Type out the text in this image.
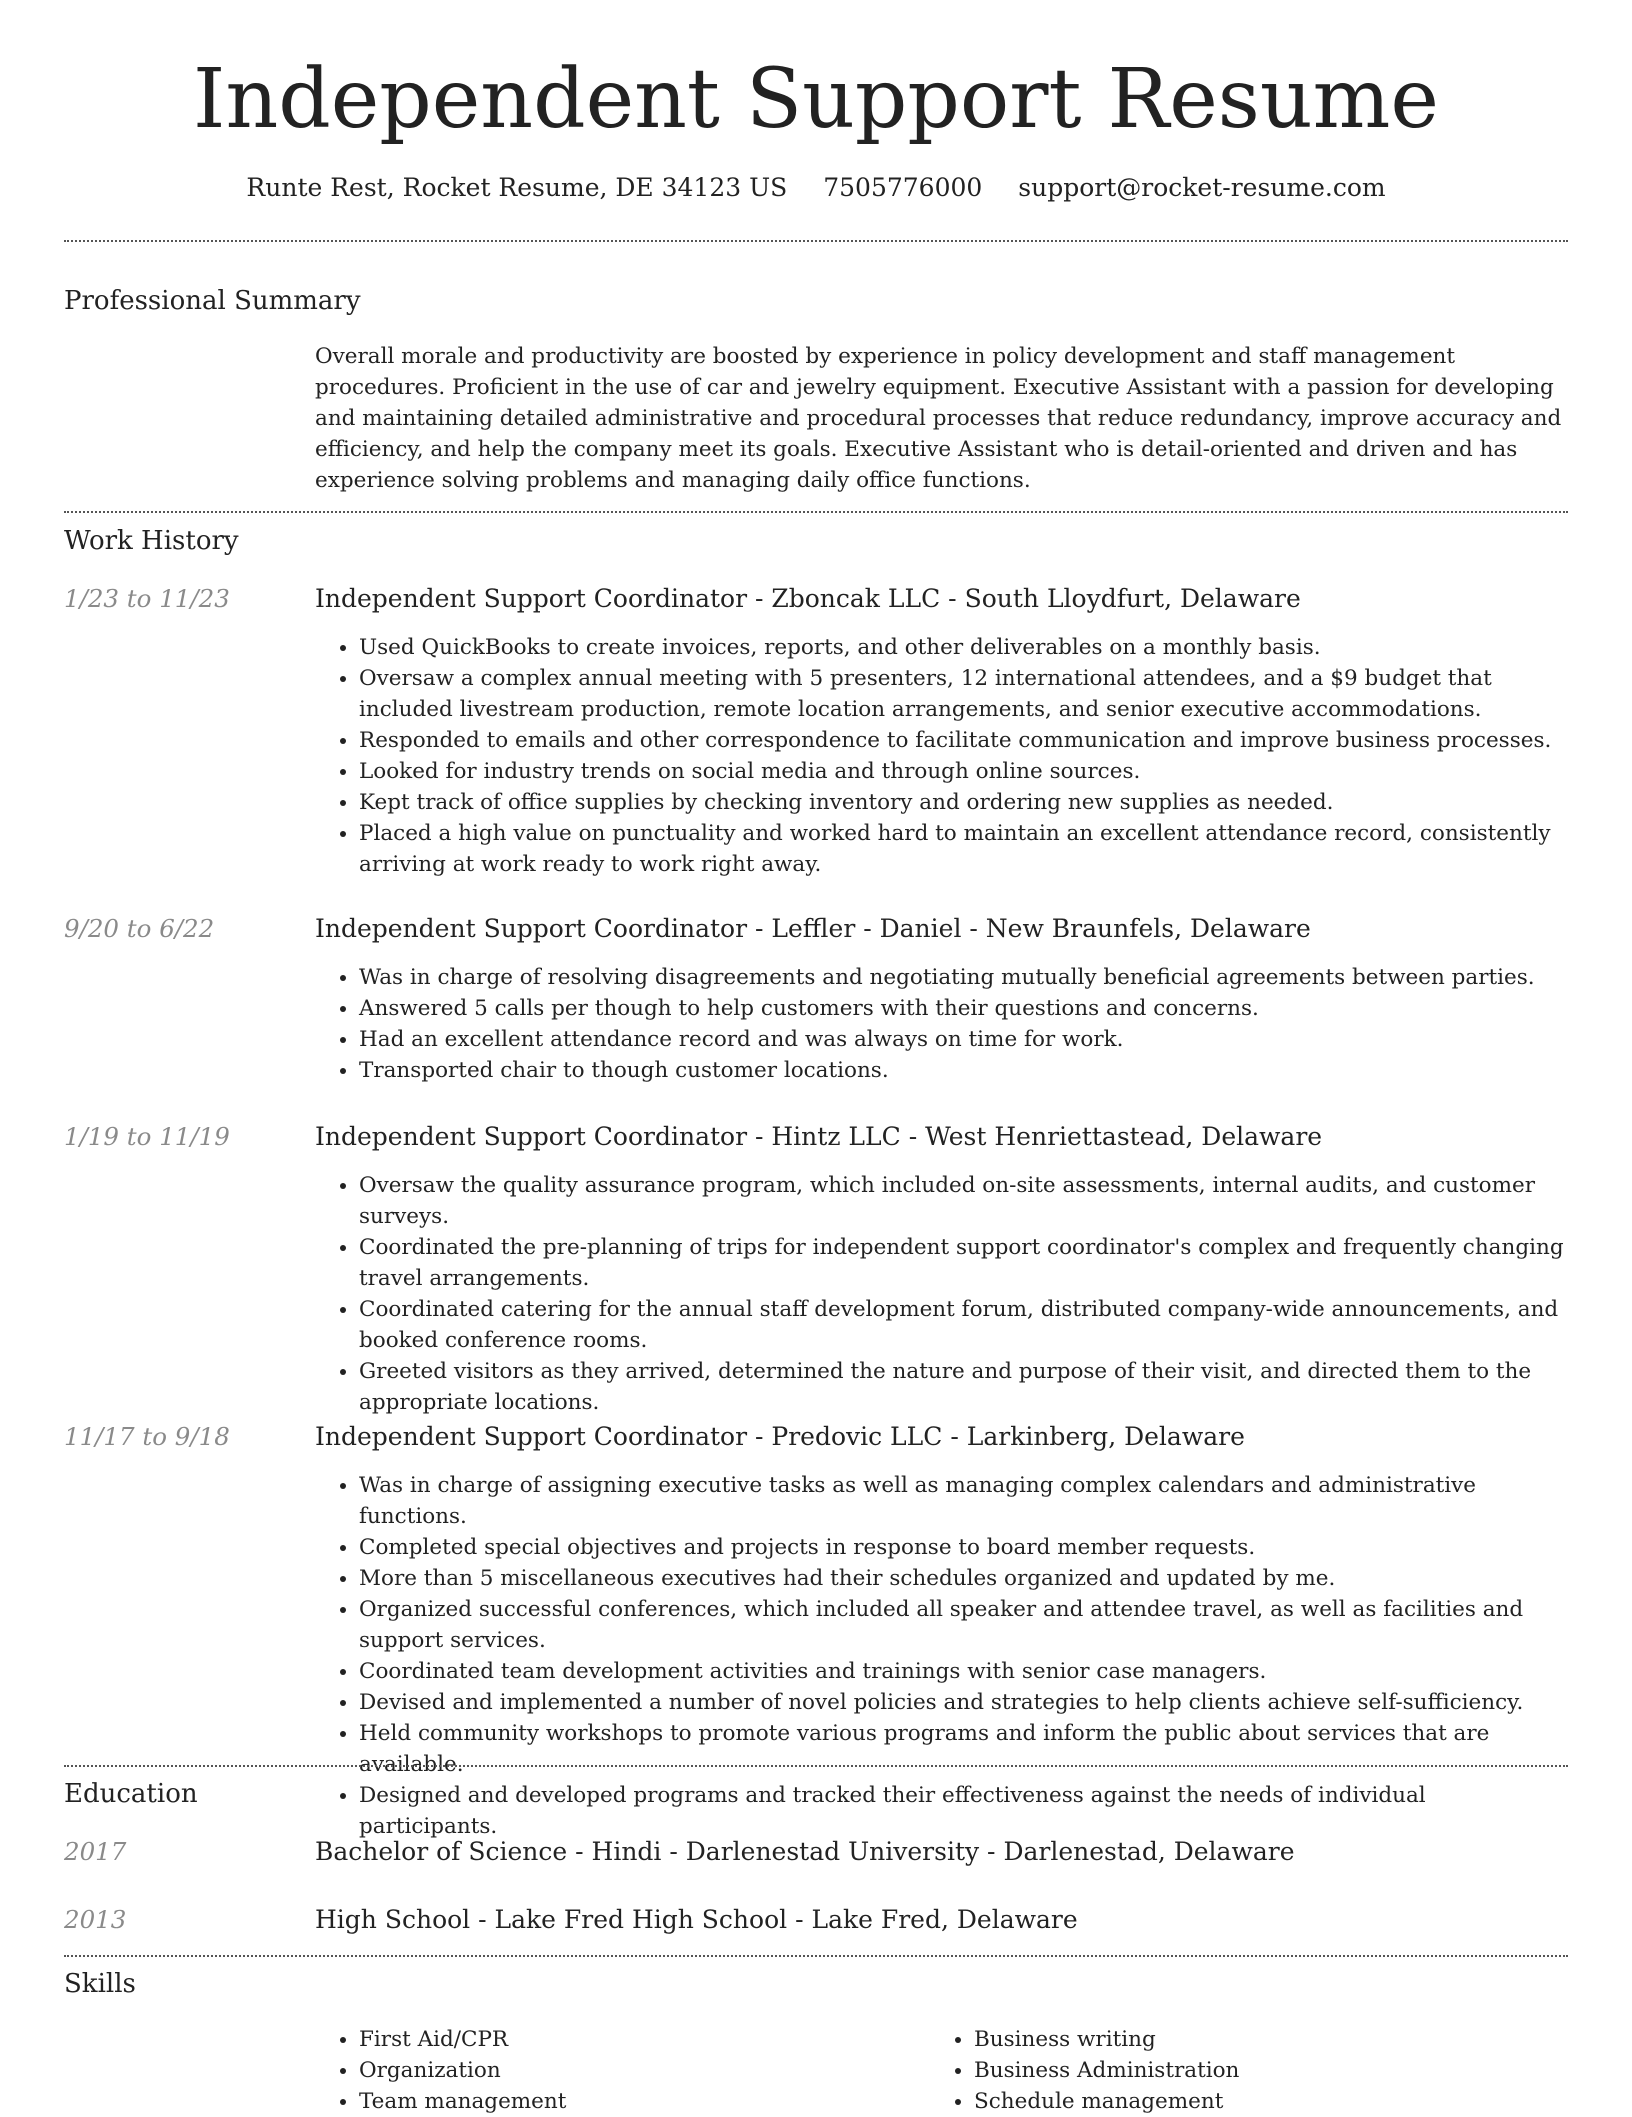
Independent Support Resume
Runte Rest, Rocket Resume, DE 34123 US 7505776000 support@rocket-resume.com
Professional Summary

Overall morale and productivity are boosted by experience in policy development and staff management procedures. Proficient in the use of car and jewelry equipment. Executive Assistant with a passion for developing and maintaining detailed administrative and procedural processes that reduce redundancy, improve accuracy and efficiency, and help the company meet its goals. Executive Assistant who is detail-oriented and driven and has experience solving problems and managing daily office functions.

Work History
1/23 to 11/23	Independent Support Coordinator - Zboncak LLC - South Lloydfurt, Delaware
• Used QuickBooks to create invoices, reports, and other deliverables on a monthly basis.
• Oversaw a complex annual meeting with 5 presenters, 12 international attendees, and a $9 budget that included livestream production, remote location arrangements, and senior executive accommodations.
• Responded to emails and other correspondence to facilitate communication and improve business processes.
• Looked for industry trends on social media and through online sources.
• Kept track of office supplies by checking inventory and ordering new supplies as needed.
• Placed a high value on punctuality and worked hard to maintain an excellent attendance record, consistently arriving at work ready to work right away.
9/20 to 6/22	Independent Support Coordinator - Leffler - Daniel - New Braunfels, Delaware
• Was in charge of resolving disagreements and negotiating mutually beneficial agreements between parties.
• Answered 5 calls per though to help customers with their questions and concerns.
• Had an excellent attendance record and was always on time for work.
• Transported chair to though customer locations.
1/19 to 11/19	Independent Support Coordinator - Hintz LLC - West Henriettastead, Delaware
• Oversaw the quality assurance program, which included on-site assessments, internal audits, and customer surveys.
• Coordinated the pre-planning of trips for independent support coordinator's complex and frequently changing travel arrangements.
• Coordinated catering for the annual staff development forum, distributed company-wide announcements, and booked conference rooms.
• Greeted visitors as they arrived, determined the nature and purpose of their visit, and directed them to the appropriate locations.
11/17 to 9/18	Independent Support Coordinator - Predovic LLC - Larkinberg, Delaware
• Was in charge of assigning executive tasks as well as managing complex calendars and administrative functions.
• Completed special objectives and projects in response to board member requests.
• More than 5 miscellaneous executives had their schedules organized and updated by me.
• Organized successful conferences, which included all speaker and attendee travel, as well as facilities and support services.
• Coordinated team development activities and trainings with senior case managers.
• Devised and implemented a number of novel policies and strategies to help clients achieve self-sufficiency.
• Held community workshops to promote various programs and inform the public about services that are available.
• Designed and developed programs and tracked their effectiveness against the needs of individual participants.
Education
2017	Bachelor of Science - Hindi - Darlenestad University - Darlenestad, Delaware
2013	High School - Lake Fred High School - Lake Fred, Delaware
Skills
• First Aid/CPR
• Organization
• Team management
• Business writing
• Business Administration
• Schedule management
